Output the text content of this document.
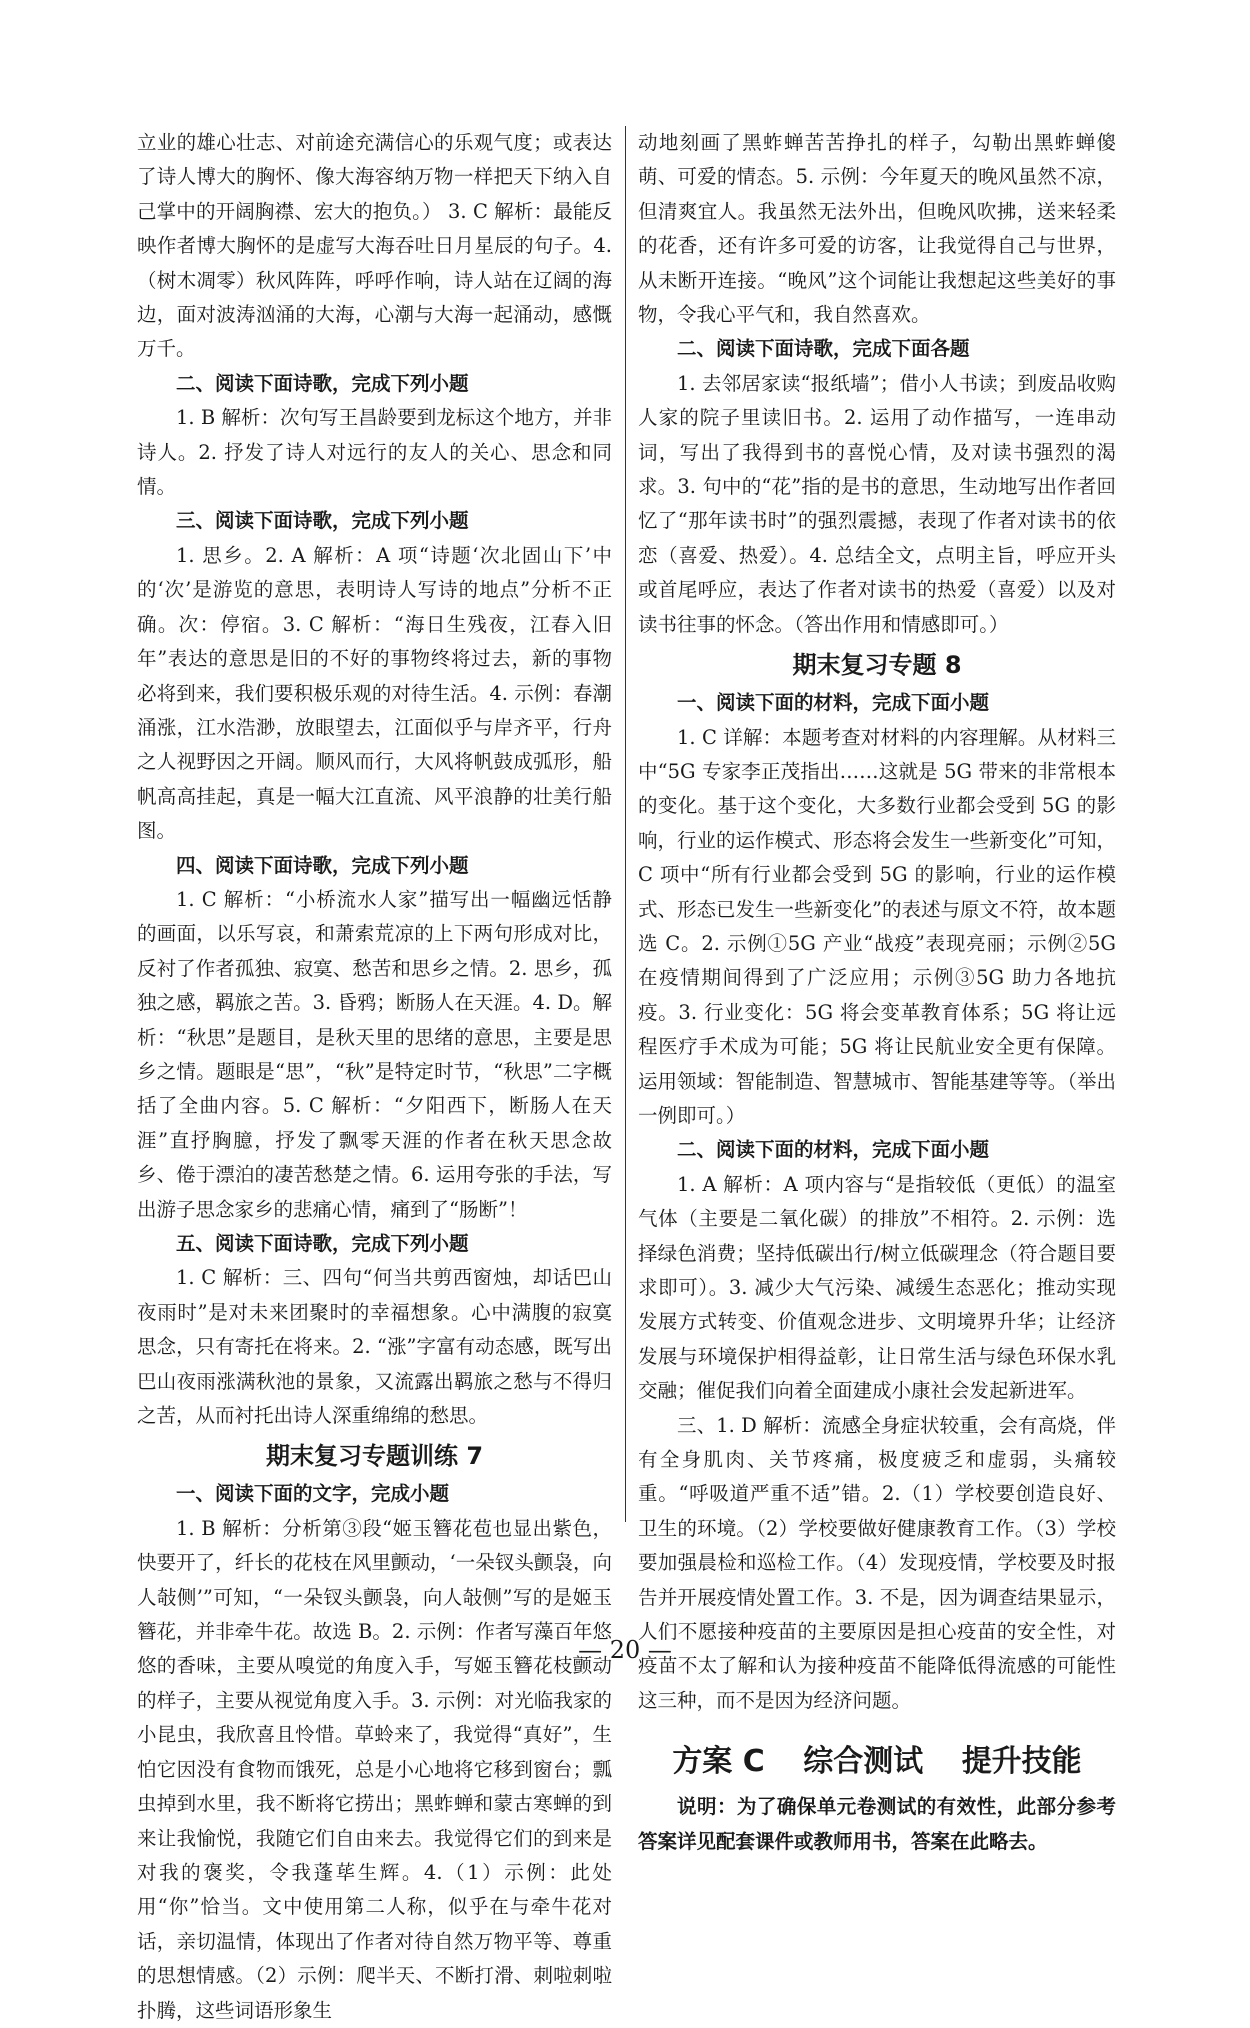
立业的雄心壮志、对前途充满信心的乐观气度；或表达了诗人博大的胸怀、像大海容纳万物一样把天下纳入自己掌中的开阔胸襟、宏大的抱负。） 3. C 解析：最能反映作者博大胸怀的是虚写大海吞吐日月星辰的句子。4.（树木凋零）秋风阵阵，呼呼作响，诗人站在辽阔的海边，面对波涛汹涌的大海，心潮与大海一起涌动，感慨万千。

二、阅读下面诗歌，完成下列小题

1. B 解析：次句写王昌龄要到龙标这个地方，并非诗人。2. 抒发了诗人对远行的友人的关心、思念和同情。

三、阅读下面诗歌，完成下列小题

1. 思乡。2. A 解析：A 项“诗题‘次北固山下’中的‘次’是游览的意思，表明诗人写诗的地点”分析不正确。次：停宿。3. C 解析：“海日生残夜，江春入旧年”表达的意思是旧的不好的事物终将过去，新的事物必将到来，我们要积极乐观的对待生活。4. 示例：春潮涌涨，江水浩渺，放眼望去，江面似乎与岸齐平，行舟之人视野因之开阔。顺风而行，大风将帆鼓成弧形，船帆高高挂起，真是一幅大江直流、风平浪静的壮美行船图。

四、阅读下面诗歌，完成下列小题

1. C 解析：“小桥流水人家”描写出一幅幽远恬静的画面，以乐写哀，和萧索荒凉的上下两句形成对比，反衬了作者孤独、寂寞、愁苦和思乡之情。2. 思乡，孤独之感，羁旅之苦。3. 昏鸦；断肠人在天涯。4. D。解析：“秋思”是题目，是秋天里的思绪的意思，主要是思乡之情。题眼是“思”，“秋”是特定时节，“秋思”二字概括了全曲内容。5. C 解析：“夕阳西下，断肠人在天涯”直抒胸臆，抒发了飘零天涯的作者在秋天思念故乡、倦于漂泊的凄苦愁楚之情。6. 运用夸张的手法，写出游子思念家乡的悲痛心情，痛到了“肠断”！

五、阅读下面诗歌，完成下列小题

1. C 解析：三、四句“何当共剪西窗烛，却话巴山夜雨时”是对未来团聚时的幸福想象。心中满腹的寂寞思念，只有寄托在将来。2. “涨”字富有动态感，既写出巴山夜雨涨满秋池的景象，又流露出羁旅之愁与不得归之苦，从而衬托出诗人深重绵绵的愁思。

期末复习专题训练 7
一、阅读下面的文字，完成小题

1. B 解析：分析第③段“姬玉簪花苞也显出紫色，快要开了，纤长的花枝在风里颤动，‘一朵钗头颤袅，向人敧侧’”可知，“一朵钗头颤袅，向人敧侧”写的是姬玉簪花，并非牵牛花。故选 B。2. 示例：作者写藻百年悠悠的香味，主要从嗅觉的角度入手，写姬玉簪花枝颤动的样子，主要从视觉角度入手。3. 示例：对光临我家的小昆虫，我欣喜且怜惜。草蛉来了，我觉得“真好”，生怕它因没有食物而饿死，总是小心地将它移到窗台；瓢虫掉到水里，我不断将它捞出；黑蚱蝉和蒙古寒蝉的到来让我愉悦，我随它们自由来去。我觉得它们的到来是对我的褒奖，令我蓬荜生辉。4.（1）示例：此处用“你”恰当。文中使用第二人称，似乎在与牵牛花对话，亲切温情，体现出了作者对待自然万物平等、尊重的思想情感。（2）示例：爬半天、不断打滑、刺啦刺啦扑腾，这些词语形象生

动地刻画了黑蚱蝉苦苦挣扎的样子，勾勒出黑蚱蝉傻萌、可爱的情态。5. 示例：今年夏天的晚风虽然不凉，但清爽宜人。我虽然无法外出，但晚风吹拂，送来轻柔的花香，还有许多可爱的访客，让我觉得自己与世界，从未断开连接。“晚风”这个词能让我想起这些美好的事物，令我心平气和，我自然喜欢。

二、阅读下面诗歌，完成下面各题

1. 去邻居家读“报纸墙”；借小人书读；到废品收购人家的院子里读旧书。2. 运用了动作描写，一连串动词，写出了我得到书的喜悦心情，及对读书强烈的渴求。3. 句中的“花”指的是书的意思，生动地写出作者回忆了“那年读书时”的强烈震撼，表现了作者对读书的依恋（喜爱、热爱）。4. 总结全文，点明主旨，呼应开头或首尾呼应，表达了作者对读书的热爱（喜爱）以及对读书往事的怀念。（答出作用和情感即可。）

期末复习专题 8
一、阅读下面的材料，完成下面小题

1. C 详解：本题考查对材料的内容理解。从材料三中“5G 专家李正茂指出……这就是 5G 带来的非常根本的变化。基于这个变化，大多数行业都会受到 5G 的影响，行业的运作模式、形态将会发生一些新变化”可知，C 项中“所有行业都会受到 5G 的影响，行业的运作模式、形态已发生一些新变化”的表述与原文不符，故本题选 C。2. 示例①5G 产业“战疫”表现亮丽；示例②5G 在疫情期间得到了广泛应用；示例③5G 助力各地抗疫。3. 行业变化：5G 将会变革教育体系；5G 将让远程医疗手术成为可能；5G 将让民航业安全更有保障。运用领域：智能制造、智慧城市、智能基建等等。（举出一例即可。）

二、阅读下面的材料，完成下面小题

1. A 解析：A 项内容与“是指较低（更低）的温室气体（主要是二氧化碳）的排放”不相符。2. 示例：选择绿色消费；坚持低碳出行/树立低碳理念（符合题目要求即可）。3. 减少大气污染、减缓生态恶化；推动实现发展方式转变、价值观念进步、文明境界升华；让经济发展与环境保护相得益彰，让日常生活与绿色环保水乳交融；催促我们向着全面建成小康社会发起新进军。

三、1. D 解析：流感全身症状较重，会有高烧，伴有全身肌肉、关节疼痛，极度疲乏和虚弱，头痛较重。“呼吸道严重不适”错。2.（1）学校要创造良好、卫生的环境。（2）学校要做好健康教育工作。（3）学校要加强晨检和巡检工作。（4）发现疫情，学校要及时报告并开展疫情处置工作。3. 不是，因为调查结果显示，人们不愿接种疫苗的主要原因是担心疫苗的安全性，对疫苗不太了解和认为接种疫苗不能降低得流感的可能性这三种，而不是因为经济问题。

方案 C 综合测试 提升技能

说明：为了确保单元卷测试的有效性，此部分参考答案详见配套课件或教师用书，答案在此略去。

— 20 —
